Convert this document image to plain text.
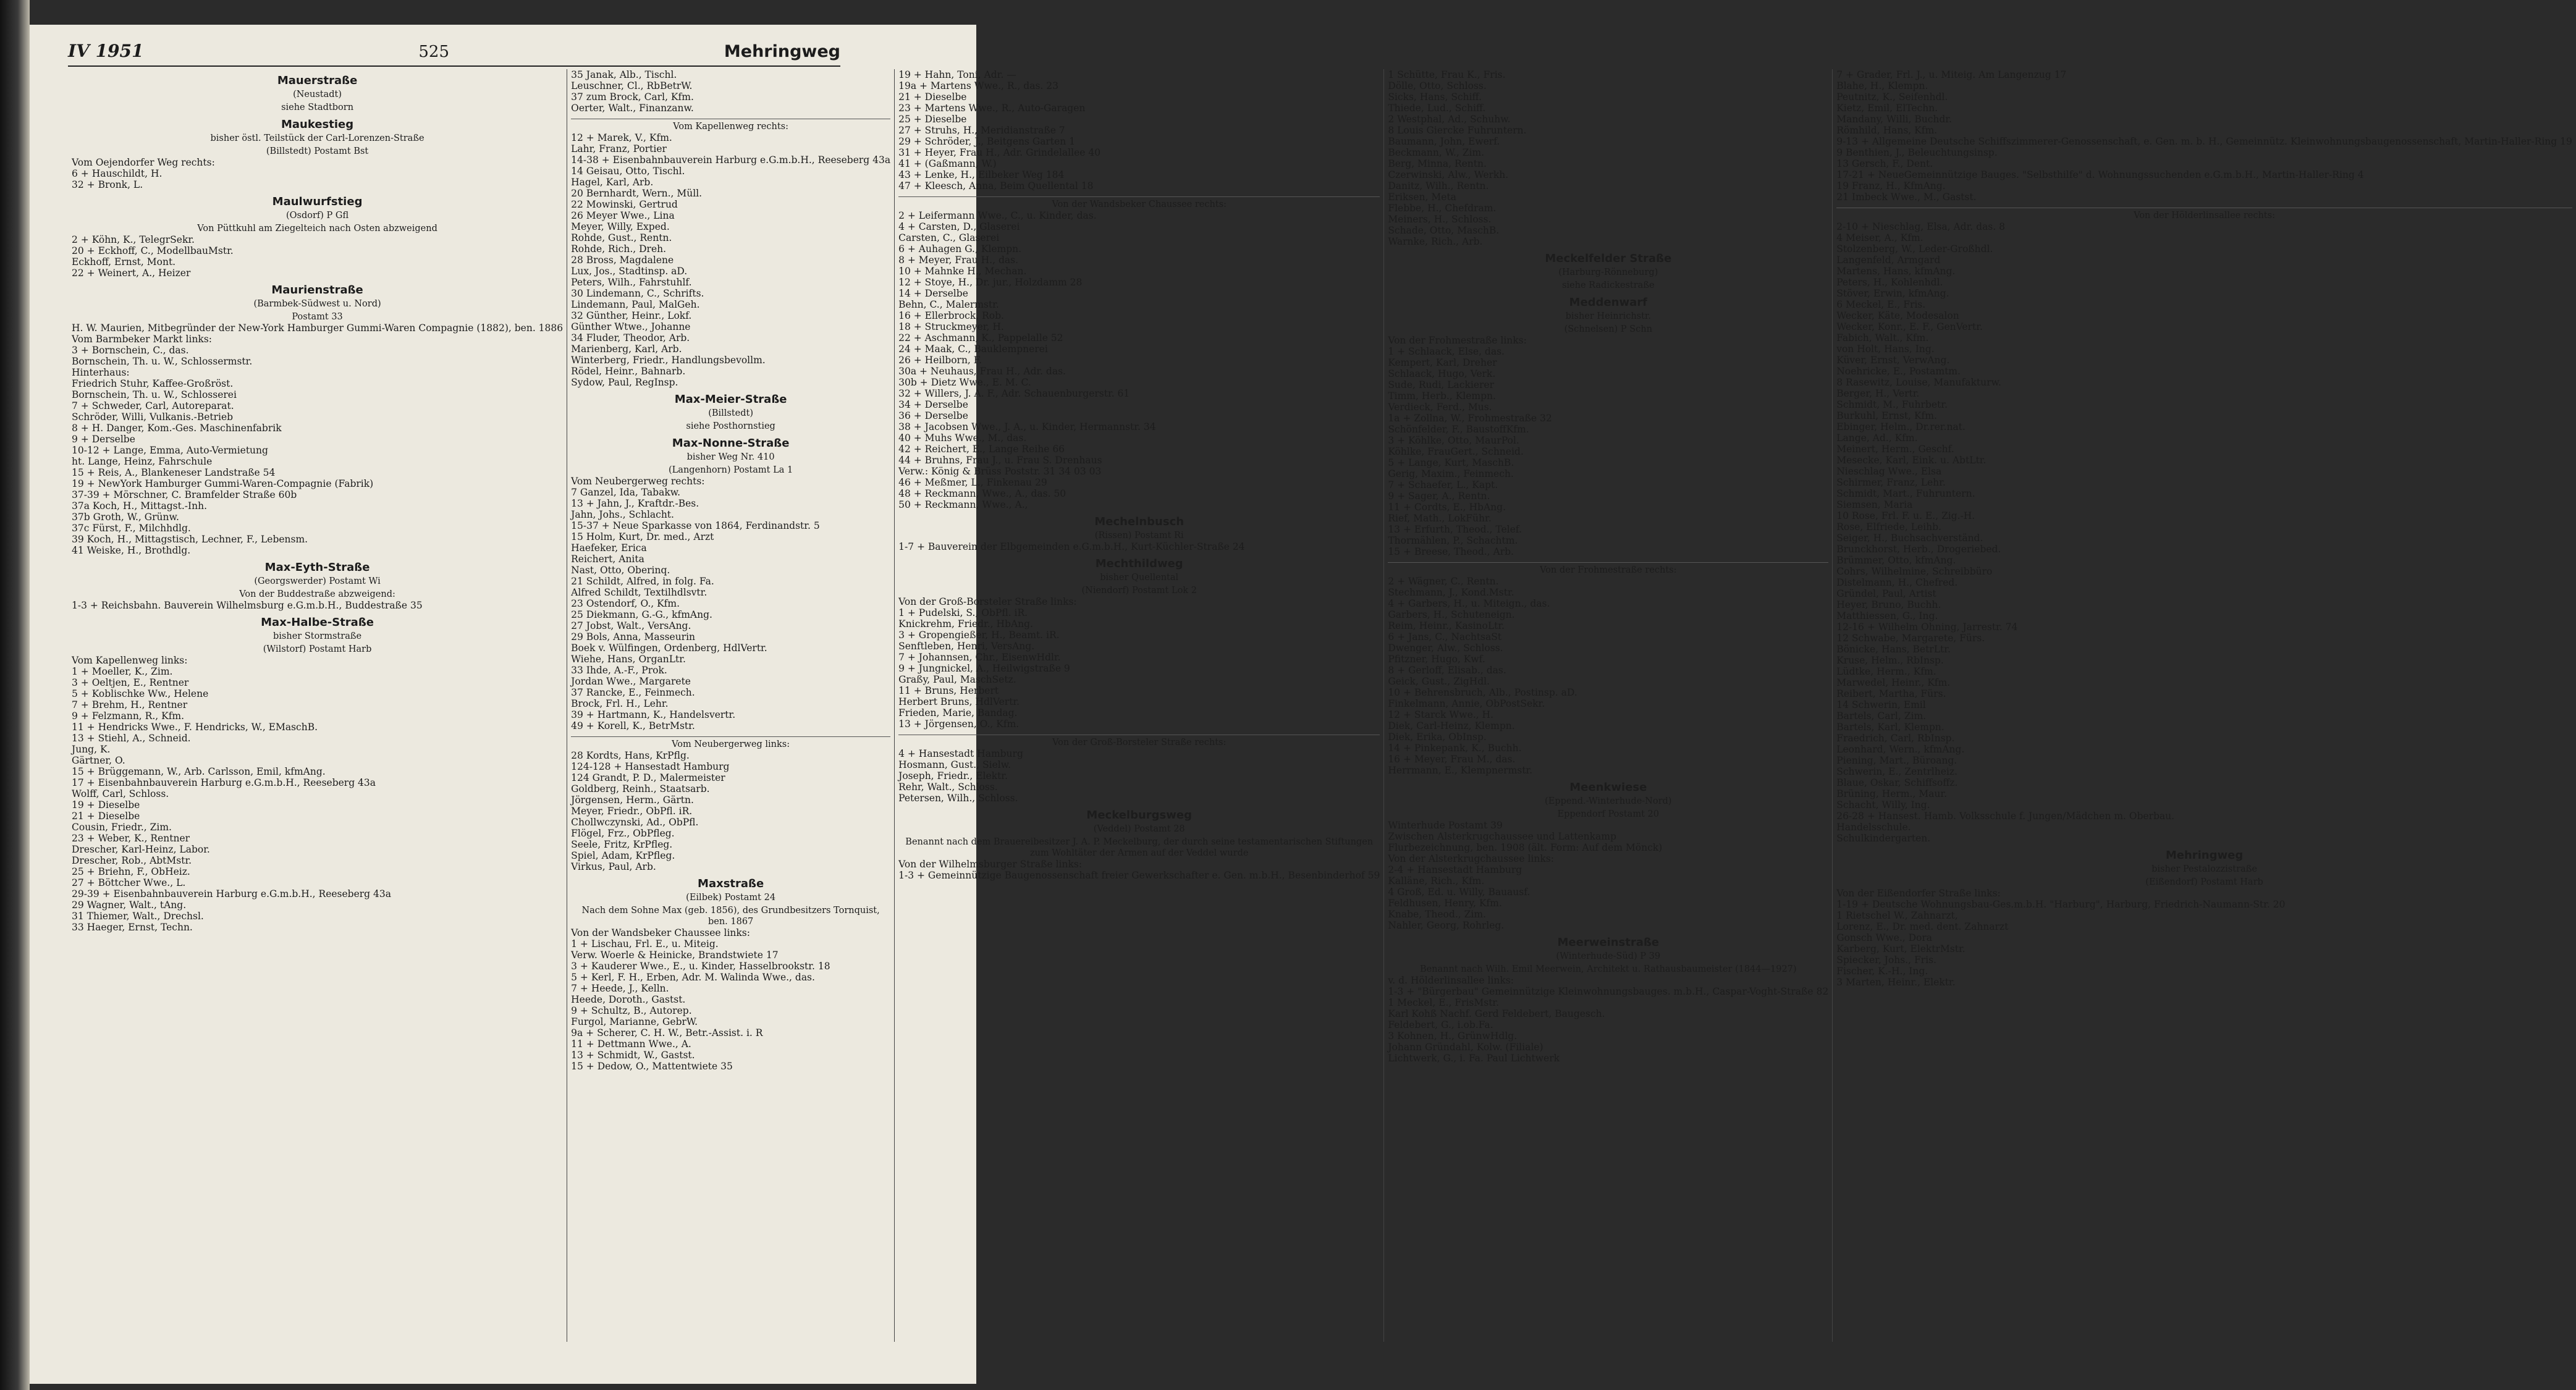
IV 1951	525	Mehringweg
Mauerstraße
(Neustadt)
siehe Stadtborn
Maukestieg
bisher östl. Teilstück der Carl-Lorenzen-Straße
(Billstedt) Postamt Bst
Vom Oejendorfer Weg rechts:
6 + Hauschildt, H.
32 + Bronk, L.
Maulwurfstieg
(Osdorf) P Gfl
Von Püttkuhl am Ziegelteich nach Osten abzweigend
2 + Köhn, K., TelegrSekr.
20 + Eckhoff, C., ModellbauMstr.
Eckhoff, Ernst, Mont.
22 + Weinert, A., Heizer
Maurienstraße
(Barmbek-Südwest u. Nord)
Postamt 33
H. W. Maurien, Mitbegründer der New-York Hamburger Gummi-Waren Compagnie (1882), ben. 1886
Vom Barmbeker Markt links:
3 + Bornschein, C., das.
Bornschein, Th. u. W., Schlossermstr.
Hinterhaus:
Friedrich Stuhr, Kaffee-Großröst.
Bornschein, Th. u. W., Schlosserei
7 + Schweder, Carl, Autoreparat.
Schröder, Willi, Vulkanis.-Betrieb
8 + H. Danger, Kom.-Ges. Maschinenfabrik
9 + Derselbe
10-12 + Lange, Emma, Auto-Vermietung
ht. Lange, Heinz, Fahrschule
15 + Reis, A., Blankeneser Landstraße 54
19 + NewYork Hamburger Gummi-Waren-Compagnie (Fabrik)
37-39 + Mörschner, C. Bramfelder Straße 60b
37a Koch, H., Mittagst.-Inh.
37b Groth, W., Grünw.
37c Fürst, F., Milchhdlg.
39 Koch, H., Mittagstisch, Lechner, F., Lebensm.
41 Weiske, H., Brothdlg.
Max-Eyth-Straße
(Georgswerder) Postamt Wi
Von der Buddestraße abzweigend:
1-3 + Reichsbahn. Bauverein Wilhelmsburg e.G.m.b.H., Buddestraße 35
Max-Halbe-Straße
bisher Stormstraße
(Wilstorf) Postamt Harb
Vom Kapellenweg links:
1 + Moeller, K., Zim.
3 + Oeltjen, E., Rentner
5 + Koblischke Ww., Helene
7 + Brehm, H., Rentner
9 + Felzmann, R., Kfm.
11 + Hendricks Wwe., F. Hendricks, W., EMaschB.
13 + Stiehl, A., Schneid.
Jung, K.
Gärtner, O.
15 + Brüggemann, W., Arb. Carlsson, Emil, kfmAng.
17 + Eisenbahnbauverein Harburg e.G.m.b.H., Reeseberg 43a
Wolff, Carl, Schloss.
19 + Dieselbe
21 + Dieselbe
Cousin, Friedr., Zim.
23 + Weber, K., Rentner
Drescher, Karl-Heinz, Labor.
Drescher, Rob., AbtMstr.
25 + Briehn, F., ObHeiz.
27 + Böttcher Wwe., L.
29-39 + Eisenbahnbauverein Harburg e.G.m.b.H., Reeseberg 43a
29 Wagner, Walt., tAng.
31 Thiemer, Walt., Drechsl.
33 Haeger, Ernst, Techn.
35 Janak, Alb., Tischl.
Leuschner, Cl., RbBetrW.
37 zum Brock, Carl, Kfm.
Oerter, Walt., Finanzanw.
Vom Kapellenweg rechts:
12 + Marek, V., Kfm.
Lahr, Franz, Portier
14-38 + Eisenbahnbauverein Harburg e.G.m.b.H., Reeseberg 43a
14 Geisau, Otto, Tischl.
Hagel, Karl, Arb.
20 Bernhardt, Wern., Müll.
22 Mowinski, Gertrud
26 Meyer Wwe., Lina
Meyer, Willy, Exped.
Rohde, Gust., Rentn.
Rohde, Rich., Dreh.
28 Bross, Magdalene
Lux, Jos., Stadtinsp. aD.
Peters, Wilh., Fahrstuhlf.
30 Lindemann, C., Schrifts.
Lindemann, Paul, MalGeh.
32 Günther, Heinr., Lokf.
Günther Wtwe., Johanne
34 Fluder, Theodor, Arb.
Marienberg, Karl, Arb.
Winterberg, Friedr., Handlungsbevollm.
Rödel, Heinr., Bahnarb.
Sydow, Paul, RegInsp.
Max-Meier-Straße
(Billstedt)
siehe Posthornstieg
Max-Nonne-Straße
bisher Weg Nr. 410
(Langenhorn) Postamt La 1
Vom Neubergerweg rechts:
7 Ganzel, Ida, Tabakw.
13 + Jahn, J., Kraftdr.-Bes.
Jahn, Johs., Schlacht.
15-37 + Neue Sparkasse von 1864, Ferdinandstr. 5
15 Holm, Kurt, Dr. med., Arzt
Haefeker, Erica
Reichert, Anita
Nast, Otto, Oberinq.
21 Schildt, Alfred, in folg. Fa.
Alfred Schildt, Textilhdlsvtr.
23 Ostendorf, O., Kfm.
25 Diekmann, G.-G., kfmAng.
27 Jobst, Walt., VersAng.
29 Bols, Anna, Masseurin
Boek v. Wülfingen, Ordenberg, HdlVertr.
Wiehe, Hans, OrganLtr.
33 Ihde, A.-F., Prok.
Jordan Wwe., Margarete
37 Rancke, E., Feinmech.
Brock, Frl. H., Lehr.
39 + Hartmann, K., Handelsvertr.
49 + Korell, K., BetrMstr.
Vom Neubergerweg links:
28 Kordts, Hans, KrPflg.
124-128 + Hansestadt Hamburg
124 Grandt, P. D., Malermeister
Goldberg, Reinh., Staatsarb.
Jörgensen, Herm., Gärtn.
Meyer, Friedr., ObPfl. iR.
Chollwczynski, Ad., ObPfl.
Flögel, Frz., ObPfleg.
Seele, Fritz, KrPfleg.
Spiel, Adam, KrPfleg.
Virkus, Paul, Arb.
Maxstraße
(Eilbek) Postamt 24
Nach dem Sohne Max (geb. 1856), des Grundbesitzers Tornquist, ben. 1867
Von der Wandsbeker Chaussee links:
1 + Lischau, Frl. E., u. Miteig.
Verw. Woerle & Heinicke, Brandstwiete 17
3 + Kauderer Wwe., E., u. Kinder, Hasselbrookstr. 18
5 + Kerl, F. H., Erben, Adr. M. Walinda Wwe., das.
7 + Heede, J., Kelln.
Heede, Doroth., Gastst.
9 + Schultz, B., Autorep.
Furgol, Marianne, GebrW.
9a + Scherer, C. H. W., Betr.-Assist. i. R
11 + Dettmann Wwe., A.
13 + Schmidt, W., Gastst.
15 + Dedow, O., Mattentwiete 35
19 + Hahn, Toni, Adr. —
19a + Martens Wwe., R., das. 23
21 + Dieselbe
23 + Martens Wwe., R., Auto-Garagen
25 + Dieselbe
27 + Struhs, H., Meridianstraße 7
29 + Schröder, J., Beitgens Garten 1
31 + Heyer, Frau H., Adr. Grindelallee 40
41 + (Gaßmann, W.)
43 + Lenke, H., Eilbeker Weg 184
47 + Kleesch, Anna, Beim Quellental 18
Von der Wandsbeker Chaussee rechts:
2 + Leifermann Wwe., C., u. Kinder, das.
4 + Carsten, D., Glaserei
Carsten, C., Glaserei
6 + Auhagen G., Klempn.
8 + Meyer, Frau H., das.
10 + Mahnke H., Mechan.
12 + Stoye, H., Dr. jur., Holzdamm 28
14 + Derselbe
Behn, C., Malermstr.
16 + Ellerbrock, Rob.
18 + Struckmeyer, H.
22 + Aschmann, K., Pappelalle 52
24 + Maak, C., Bauklempnerei
26 + Heilborn, F.
30a + Neuhaus, Frau H., Adr. das.
30b + Dietz Wwe., E. M. C.
32 + Willers, J. A. F., Adr. Schauenburgerstr. 61
34 + Derselbe
36 + Derselbe
38 + Jacobsen Wwe., J. A., u. Kinder, Hermannstr. 34
40 + Muhs Wwe., M., das.
42 + Reichert, E., Lange Reihe 66
44 + Bruhns, Frau J., u. Frau S. Drenhaus
Verw.: König & Brüss Poststr. 31 34 03 03
46 + Meßmer, L., Finkenau 29
48 + Reckmann, Wwe., A., das. 50
50 + Reckmann, Wwe., A.,
Mechelnbusch
(Rissen) Postamt Ri
1-7 + Bauverein der Elbgemeinden e.G.m.b.H., Kurt-Küchler-Straße 24
Mechthildweg
bisher Quellental
(Niendorf) Postamt Lok 2
Von der Groß-Borsteler Straße links:
1 + Pudelski, S., ObPfl. iR.
Knickrehm, Friedr., HbAng.
3 + Gropengießer, H., Beamt. iR.
Senftleben, Henri, VersAng.
7 + Johannsen, Chr., EisenwHdlr.
9 + Jungnickel, A., Heilwigstraße 9
Graßy, Paul, MaschSetz.
11 + Bruns, Herbert
Herbert Bruns, HdlVertr.
Frieden, Marie, Bandag.
13 + Jörgensen, O., Kfm.
Von der Groß-Borsteler Straße rechts:
4 + Hansestadt Hamburg
Hosmann, Gust., Sielw.
Joseph, Friedr., Elektr.
Rehr, Walt., Schloss.
Petersen, Wilh., Schloss.
Meckelburgsweg
(Veddel) Postamt 28
Benannt nach dem Brauereibesitzer J. A. P. Meckelburg, der durch seine testamentarischen Stiftungen zum Wohltäter der Armen auf der Veddel wurde
Von der Wilhelmsburger Straße links:
1-3 + Gemeinnützige Baugenossenschaft freier Gewerkschafter e. Gen. m.b.H., Besenbinderhof 59
1 Schütte, Frau K., Fris.
Dölle, Otto, Schloss.
Sicks, Hans, Schiff.
Thiede, Lud., Schiff.
2 Westphal, Ad., Schuhw.
8 Louis Giercke Fuhruntern.
Baumann, John, Ewerf.
Beckmann, W., Zim.
Berg, Minna, Rentn.
Czerwinski, Alw., Werkh.
Danitz, Wilh., Rentn.
Eriksen, Meta
Flebbe, H., Chefdram.
Meiners, H., Schloss.
Schade, Otto, MaschB.
Warnke, Rich., Arb.
Meckelfelder Straße
(Harburg-Rönneburg)
siehe Radickestraße
Meddenwarf
bisher Heinrichstr.
(Schnelsen) P Schn
Von der Frohmestraße links:
1 + Schlaack, Else, das.
Kempert, Karl, Dreher
Schlaack, Hugo, Verk.
Sude, Rudi, Lackierer
Timm, Herb., Klempn.
Verdieck, Ferd., Mus.
1a + Zollna, W., Frohmestraße 32
Schönfelder, F., BaustoffKfm.
3 + Köhlke, Otto, MaurPol.
Köhlke, FrauGert., Schneid.
5 + Lange, Kurt, MaschB.
Gerig, Maxim., Feinmech.
7 + Schaefer, L., Kapt.
9 + Sager, A., Rentn.
11 + Cordts, E., HbAng.
Rief, Math., LokFühr.
13 + Erfurth, Theod., Telef.
Thormählen, P., Schachtm.
15 + Breese, Theod., Arb.
Von der Frohmestraße rechts:
2 + Wägner, C., Rentn.
Stechmann, J., Kond.Mstr.
4 + Garbers, H., u. Miteign., das.
Garbers, H., Schuteneign.
Reim, Heinr., KasinoLtr.
6 + Jans, C., NachtsaSt
Dwenger, Alw., Schloss.
Pfitzner, Hugo, Kwf.
8 + Gerloff, Elisab., das.
Geick, Gust., ZigHdl.
10 + Behrensbruch, Alb., Postinsp. aD.
Finkelmann, Annie, ObPostSekr.
12 + Starck Wwe., H.
Diek, Carl-Heinz, Klempn.
Diek, Erika, ObInsp.
14 + Pinkepank, K., Buchh.
16 + Meyer, Frau M., das.
Herrmann, E., Klempnermstr.
Meenkwiese
(Eppend.-Winterhude-Nord)
Eppendorf Postamt 20
Winterhude Postamt 39
Zwischen Alsterkrugchaussee und Lattenkamp
Flurbezeichnung, ben. 1908 (ält. Form: Auf dem Mönck)
Von der Alsterkrugchaussee links:
2-4 + Hansestadt Hamburg
Kalläne, Rich., Kfm.
4 Groß, Ed. u. Willy, Bauausf.
Feldhusen, Henry, Kfm.
Knabe, Theod., Zim.
Nahler, Georg, Rohrleg.
Meerweinstraße
(Winterhude-Süd) P 39
Benannt nach Wilh. Emil Meerwein, Architekt u. Rathausbaumeister (1844—1927)
v. d. Hölderlinsallee links:
1-3 + "Bürgerbau" Gemeinnützige Kleinwohnungsbauges. m.b.H., Caspar-Voght-Straße 82
1 Meckel, E., FrisMstr.
Karl Kohß Nachf. Gerd Feldebert, Baugesch.
Feldebert, G., i.ob.Fa.
3 Kohnen, H., GrünwHdlg.
Johann Gründahl, Kolw. (Filiale)
Lichtwerk, G., i. Fa. Paul Lichtwerk
7 + Grader, Frl. J., u. Miteig. Am Langenzug 17
Blahe, H., Klempn.
Peutnitz, K., Seifenhdl.
Kietz, Emil, ElTechn.
Mandany, Willi, Buchdr.
Römhild, Hans, Kfm.
9-13 + Allgemeine Deutsche Schiffszimmerer-Genossenschaft, e. Gen. m. b. H., Gemeinnütz. Kleinwohnungsbaugenossenschaft, Martin-Haller-Ring 19
9 Benthien, J., Beleuchtungsinsp.
13 Gersch, F., Dent.
17-21 + NeueGemeinnützige Bauges. "Selbsthilfe" d. Wohnungssuchenden e.G.m.b.H., Martin-Haller-Ring 4
19 Franz, H., KfmAng.
21 Imbeck Wwe., M., Gastst.
Von der Hölderlinsallee rechts:
2-10 + Nieschlag, Elsa, Adr. das. 8
4 Meiser, A., Kfm.
Stolzenberg, W., Leder-Großhdl.
Langenfeld, Armgard
Martens, Hans, kfmAng.
Peters, H., Kohlenhdl.
Stöver, Erwin, kfmAng.
6 Meckel, E., Fris.
Wecker, Käte, Modesalon
Wecker, Konr., E. F., GenVertr.
Fabich, Walt., Kfm.
von Holt, Hans, Ing.
Küver, Ernst, VerwAng.
Noehricke, E., Postamtm.
8 Rasewitz, Louise, Manufakturw.
Berger, H., Vertr.
Schmidt, M., Fuhrbetr.
Burkuhl, Ernst, Kfm.
Ebinger, Helm., Dr.rer.nat.
Lange, Ad., Kfm.
Meinert, Herm., Geschf.
Mesecke, Karl, Eink. u. AbtLtr.
Nieschlag Wwe., Elsa
Schirmer, Franz, Lehr.
Schmidt, Mart., Fuhruntern.
Siemsen, Maria
10 Rose, Frl. F. u. E., Zig.-H.
Rose, Elfriede, Leihb.
Seiger, H., Buchsachverständ.
Brunckhorst, Herb., Drogeriebed.
Brümmer, Otto, kfmAng.
Cohrs, Wilhelmine, Schreibbüro
Distelmann, H., Chefred.
Gründel, Paul, Artist
Heyer, Bruno, Buchh.
Matthiessen, G., Ing.
12-16 + Wilhelm Ohning, Jarrestr. 74
12 Schwabe, Margarete, Fürs.
Bönicke, Hans, BetrLtr.
Kruse, Helm., RbInsp.
Lüdtke, Herm., Kfm.
Marwedel, Heinr., Kfm.
Reibert, Martha, Fürs.
14 Schwerin, Emil
Bartels, Carl, Zim.
Bartels, Karl, Klempn.
Fraedrich, Carl, RbInsp.
Leonhard, Wern., kfmAng.
Piening, Mart., Büroang.
Schwerin, E., Zentrlheiz.
Blaue, Oskar, Schiffsoffz.
Brüning, Herm., Maur.
Schacht, Willy, Ing.
26-28 + Hansest. Hamb. Volksschule f. Jungen/Mädchen m. Oberbau.
Handelsschule.
Schulkindergarten.
Mehringweg
bisher Pestalozzistraße
(Eißendorf) Postamt Harb
Von der Eißendorfer Straße links:
1-19 + Deutsche Wohnungsbau-Ges.m.b.H. "Harburg", Harburg, Friedrich-Naumann-Str. 20
1 Rietschel W., Zahnarzt,
Lorenz, E., Dr. med. dent. Zahnarzt
Gonsch Wwe., Dora
Karberg, Kurt, ElektrMstr.
Spiecker, Johs., Fris.
Fischer, K.-H., Ing.
3 Marten, Heinr., Elektr.
